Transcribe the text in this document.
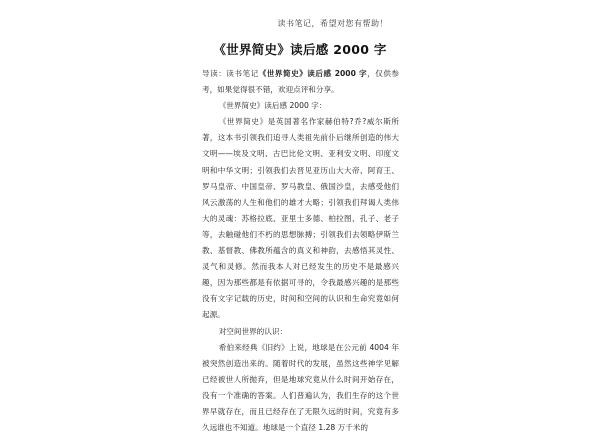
读书笔记，希望对您有帮助！
《世界简史》读后感 2000 字

导读：读书笔记《世界简史》读后感 2000 字，仅供参考，如果觉得很不错，欢迎点评和分享。

《世界简史》读后感 2000 字：

《世界简史》是英国著名作家赫伯特?乔?威尔斯所著，这本书引领我们追寻人类祖先前仆后继所创造的伟大文明——埃及文明、古巴比伦文明、亚利安文明、印度文明和中华文明；引领我们去晋见亚历山大大帝、阿育王、罗马皇帝、中国皇帝、罗马教皇、俄国沙皇，去感受他们风云激荡的人生和他们的雄才大略；引领我们拜谒人类伟大的灵魂：苏格拉底、亚里士多德、柏拉图、孔子、老子等，去触碰他们不朽的思想脉搏；引领我们去领略伊斯兰教、基督教、佛教所蕴含的真义和神韵，去感悟其灵性、灵气和灵修。然而我本人对已经发生的历史不是最感兴趣，因为那些都是有依据可寻的，令我最感兴趣的是那些没有文字记载的历史，时间和空间的认识和生命究竟如何起源。

对空间世界的认识：

希伯来经典《旧约》上说，地球是在公元前 4004 年被突然创造出来的。随着时代的发展，虽然这些神学见解已经被世人所抛弃，但是地球究竟从什么时间开始存在，没有一个准确的答案。人们普遍认为，我们生存的这个世界早就存在，而且已经存在了无限久远的时间，究竟有多久远谁也不知道。地球是一个直径 1.28 万千米的
